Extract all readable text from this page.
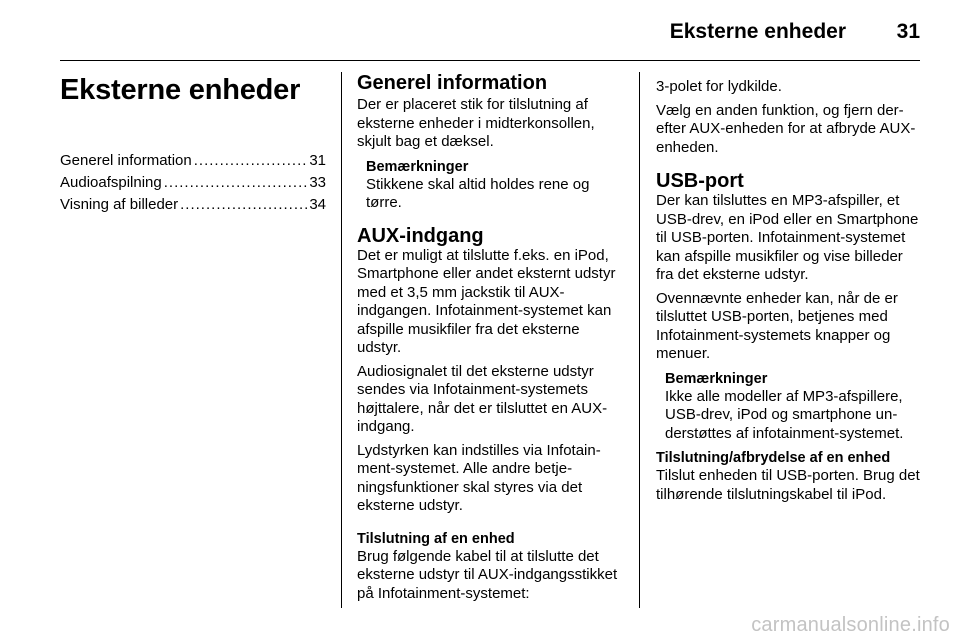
Eksterne enheder 31
Eksterne enheder
Generel information .....	31
Audioafspilning .....	33
Visning af billeder .....	34
Generel information

Der er placeret stik for tilslutning af eksterne enheder i midterkonsollen, skjult bag et dæksel.

Bemærkninger

Stikkene skal altid holdes rene og tørre.

AUX-indgang

Det er muligt at tilslutte f.eks. en iPod, Smartphone eller andet eksternt udstyr med et 3,5 mm jackstik til AUX-indgangen. Infotainment-systemet kan afspille musikfiler fra det eksterne udstyr.

Audiosignalet til det eksterne udstyr sendes via Infotainment-systemets højttalere, når det er tilsluttet en AUX-indgang.

Lydstyrken kan indstilles via Infotainment-systemet. Alle andre betjeningsfunktioner skal styres via det eksterne udstyr.

Tilslutning af en enhed

Brug følgende kabel til at tilslutte det eksterne udstyr til AUX-indgangsstikket på Infotainment-systemet:

3-polet for lydkilde.

Vælg en anden funktion, og fjern derefter AUX-enheden for at afbryde AUX-enheden.

USB-port

Der kan tilsluttes en MP3-afspiller, et USB-drev, en iPod eller en Smartphone til USB-porten. Infotainment-systemet kan afspille musikfiler og vise billeder fra det eksterne udstyr.

Ovennævnte enheder kan, når de er tilsluttet USB-porten, betjenes med Infotainment-systemets knapper og menuer.

Bemærkninger

Ikke alle modeller af MP3-afspillere, USB-drev, iPod og smartphone understøttes af infotainment-systemet.

Tilslutning/afbrydelse af en enhed

Tilslut enheden til USB-porten. Brug det tilhørende tilslutningskabel til iPod.

carmanualsonline.info
